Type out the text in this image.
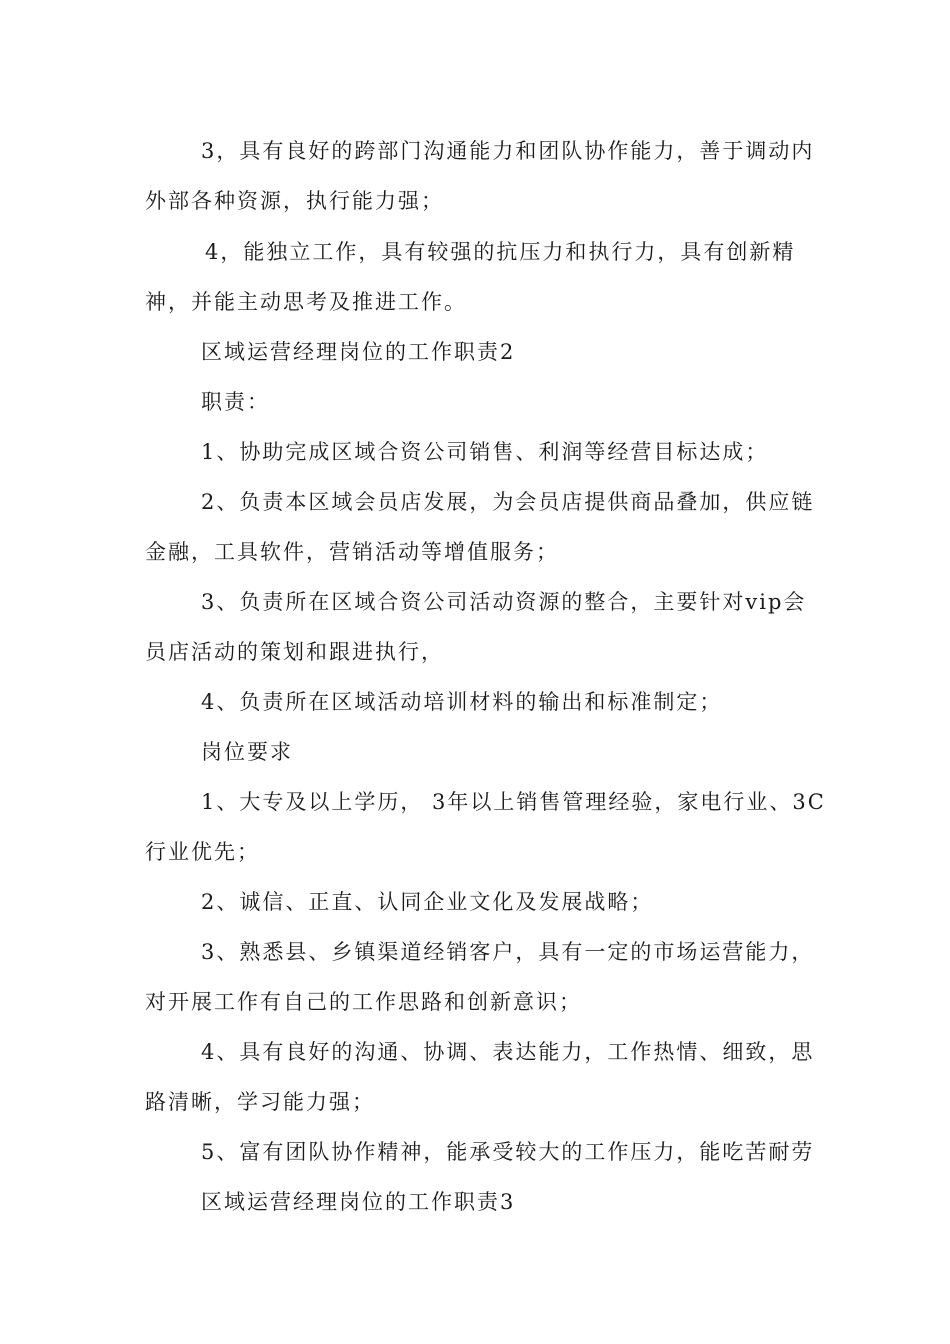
3，具有良好的跨部门沟通能力和团队协作能力，善于调动内
外部各种资源，执行能力强；
4，能独立工作，具有较强的抗压力和执行力，具有创新精
神，并能主动思考及推进工作。
区域运营经理岗位的工作职责2
职责：
1、协助完成区域合资公司销售、利润等经营目标达成；
2、负责本区域会员店发展，为会员店提供商品叠加，供应链
金融，工具软件，营销活动等增值服务；
3、负责所在区域合资公司活动资源的整合，主要针对vip会
员店活动的策划和跟进执行，
4、负责所在区域活动培训材料的输出和标准制定；
岗位要求
1、大专及以上学历， 3年以上销售管理经验，家电行业、3C
行业优先；
2、诚信、正直、认同企业文化及发展战略；
3、熟悉县、乡镇渠道经销客户，具有一定的市场运营能力，
对开展工作有自己的工作思路和创新意识；
4、具有良好的沟通、协调、表达能力，工作热情、细致，思
路清晰，学习能力强；
5、富有团队协作精神，能承受较大的工作压力，能吃苦耐劳
区域运营经理岗位的工作职责3
